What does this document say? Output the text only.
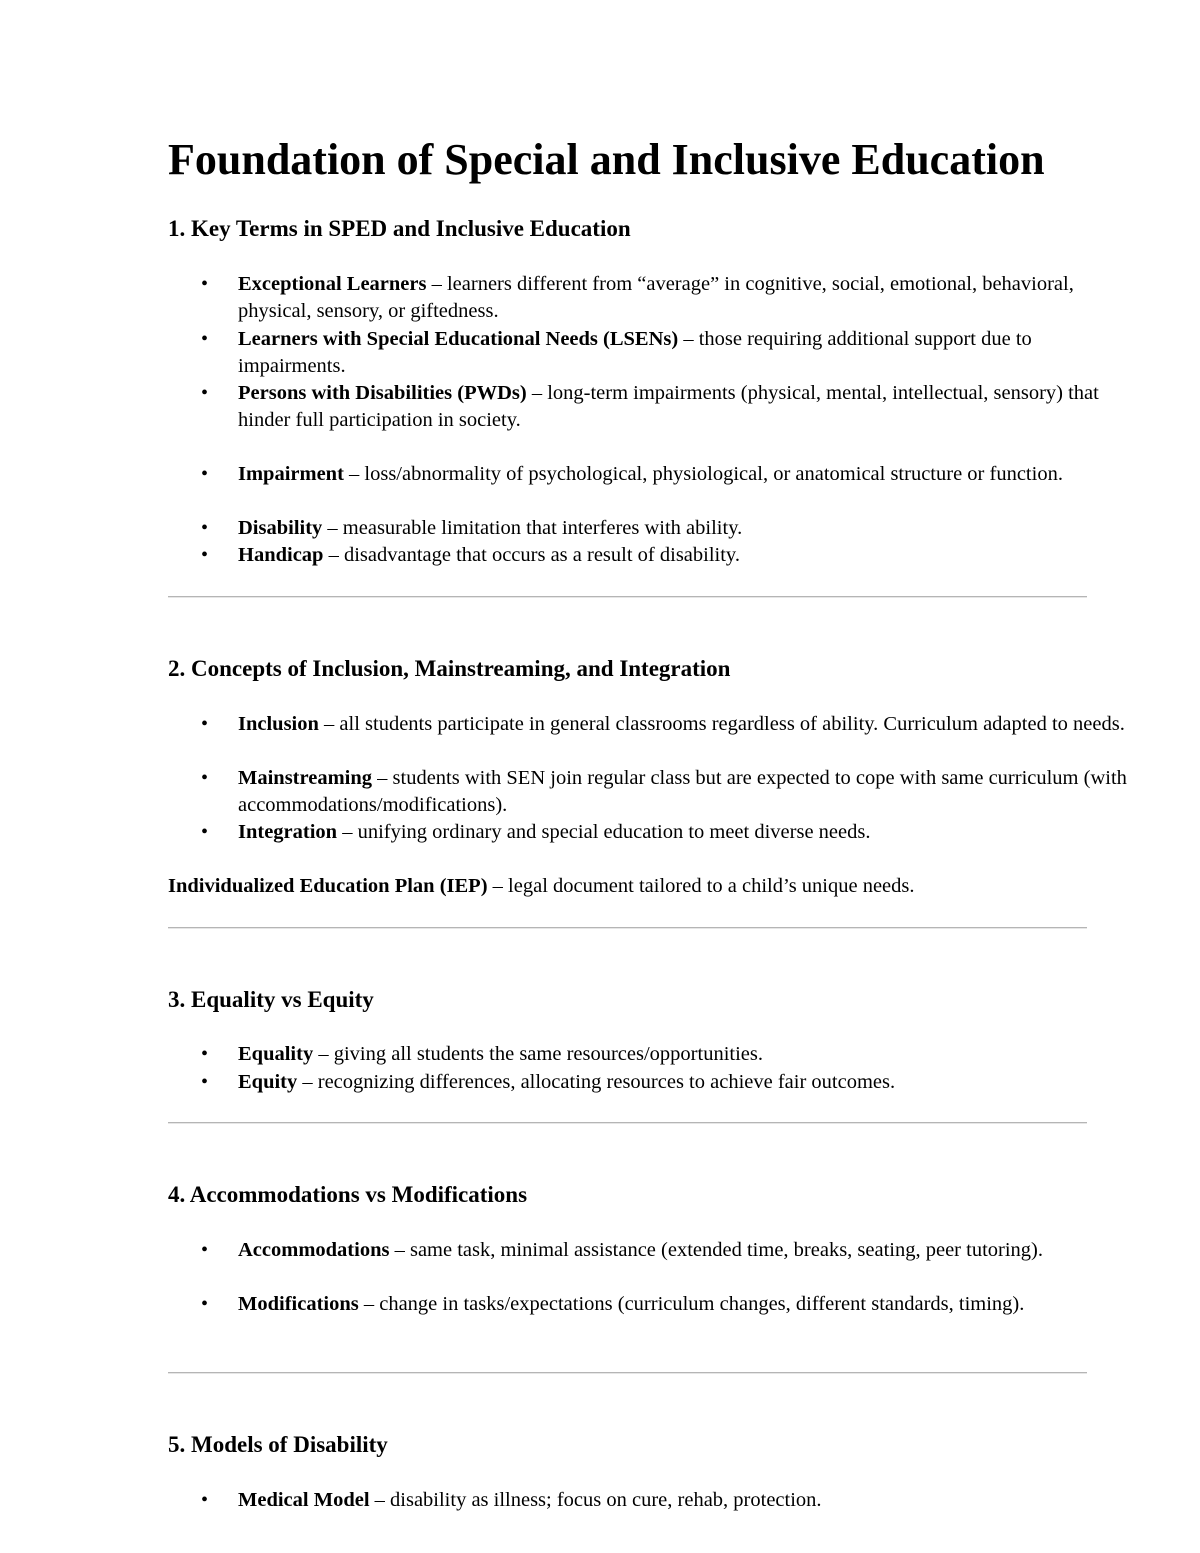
Foundation of Special and Inclusive Education
1. Key Terms in SPED and Inclusive Education
• Exceptional Learners – learners different from “average” in cognitive, social, emotional, behavioral, physical, sensory, or giftedness.
• Learners with Special Educational Needs (LSENs) – those requiring additional support due to impairments.
• Persons with Disabilities (PWDs) – long-term impairments (physical, mental, intellectual, sensory) that hinder full participation in society.
• Impairment – loss/abnormality of psychological, physiological, or anatomical structure or function.
• Disability – measurable limitation that interferes with ability.
• Handicap – disadvantage that occurs as a result of disability.
2. Concepts of Inclusion, Mainstreaming, and Integration
• Inclusion – all students participate in general classrooms regardless of ability. Curriculum adapted to needs.
• Mainstreaming – students with SEN join regular class but are expected to cope with same curriculum (with accommodations/modifications).
• Integration – unifying ordinary and special education to meet diverse needs.

Individualized Education Plan (IEP) – legal document tailored to a child’s unique needs.

3. Equality vs Equity
• Equality – giving all students the same resources/opportunities.
• Equity – recognizing differences, allocating resources to achieve fair outcomes.
4. Accommodations vs Modifications
• Accommodations – same task, minimal assistance (extended time, breaks, seating, peer tutoring).
• Modifications – change in tasks/expectations (curriculum changes, different standards, timing).
5. Models of Disability
• Medical Model – disability as illness; focus on cure, rehab, protection.
